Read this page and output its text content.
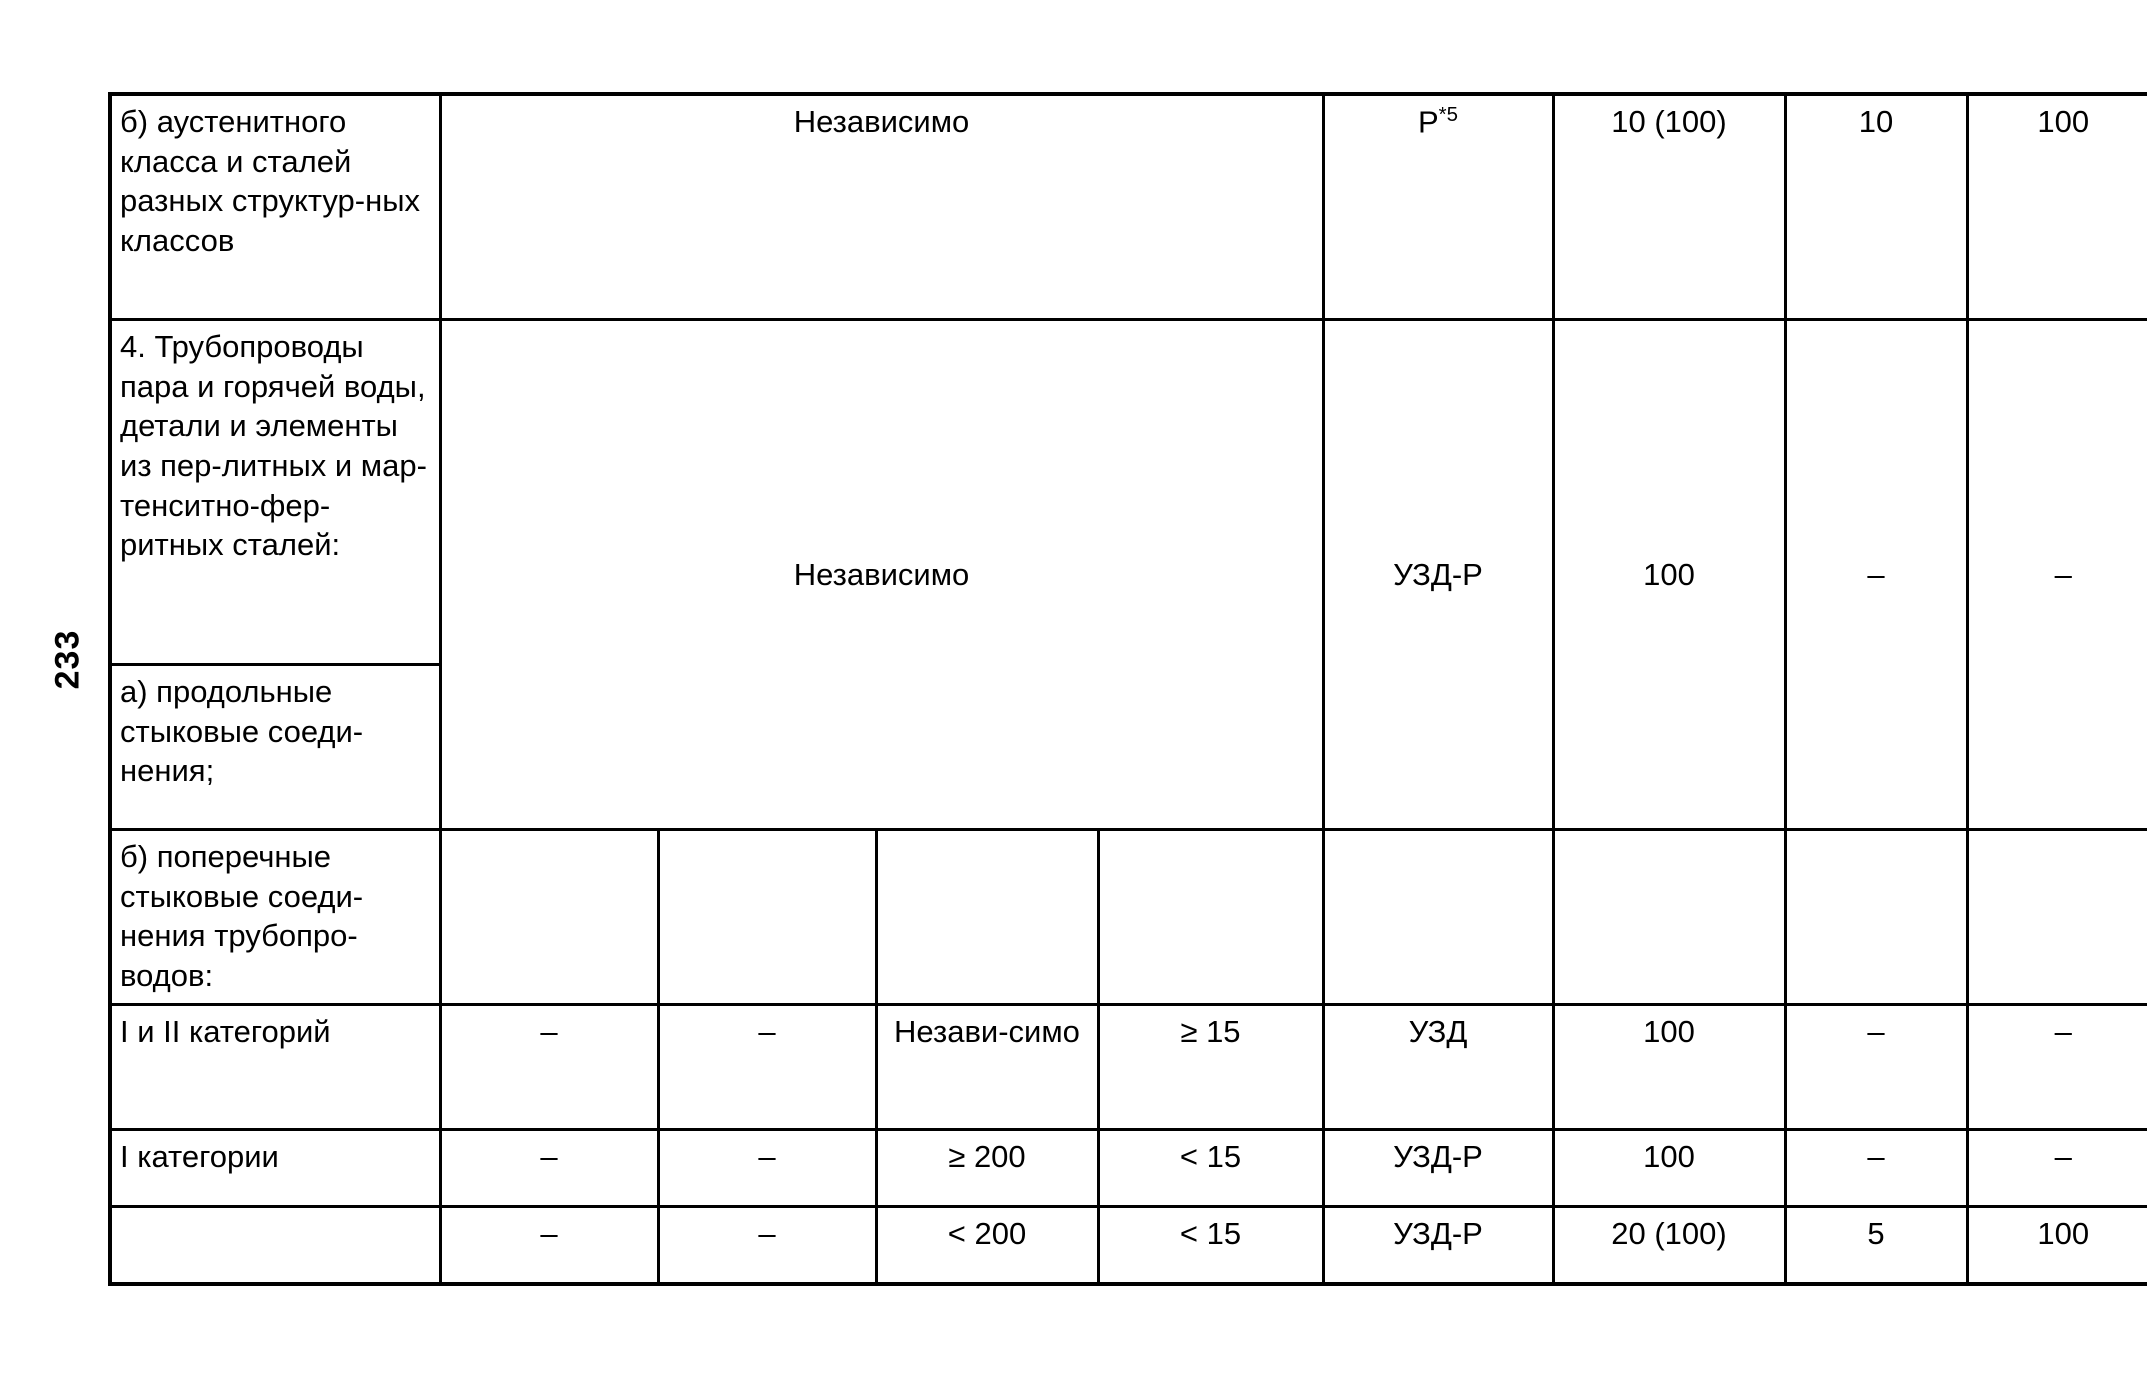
233
б) аустенитного класса и сталей разных структур-ных классов	Независимо				$Р^{*5}$	10 (100)	10	100
4. Трубопроводы пара и горячей воды, детали и элементы из пер-литных и мар-тенситно-фер-ритных сталей:	Независимо				УЗД-Р	100	–	–
а) продольные стыковые соеди-нения;								
б) поперечные стыковые соеди-нения трубопро-водов:								
I и II категорий	–	–	Незави-симо	≥ 15	УЗД	100	–	–
I категории	–	–	≥ 200	< 15	УЗД-Р	100	–	–
	–	–	< 200	< 15	УЗД-Р	20 (100)	5	100
